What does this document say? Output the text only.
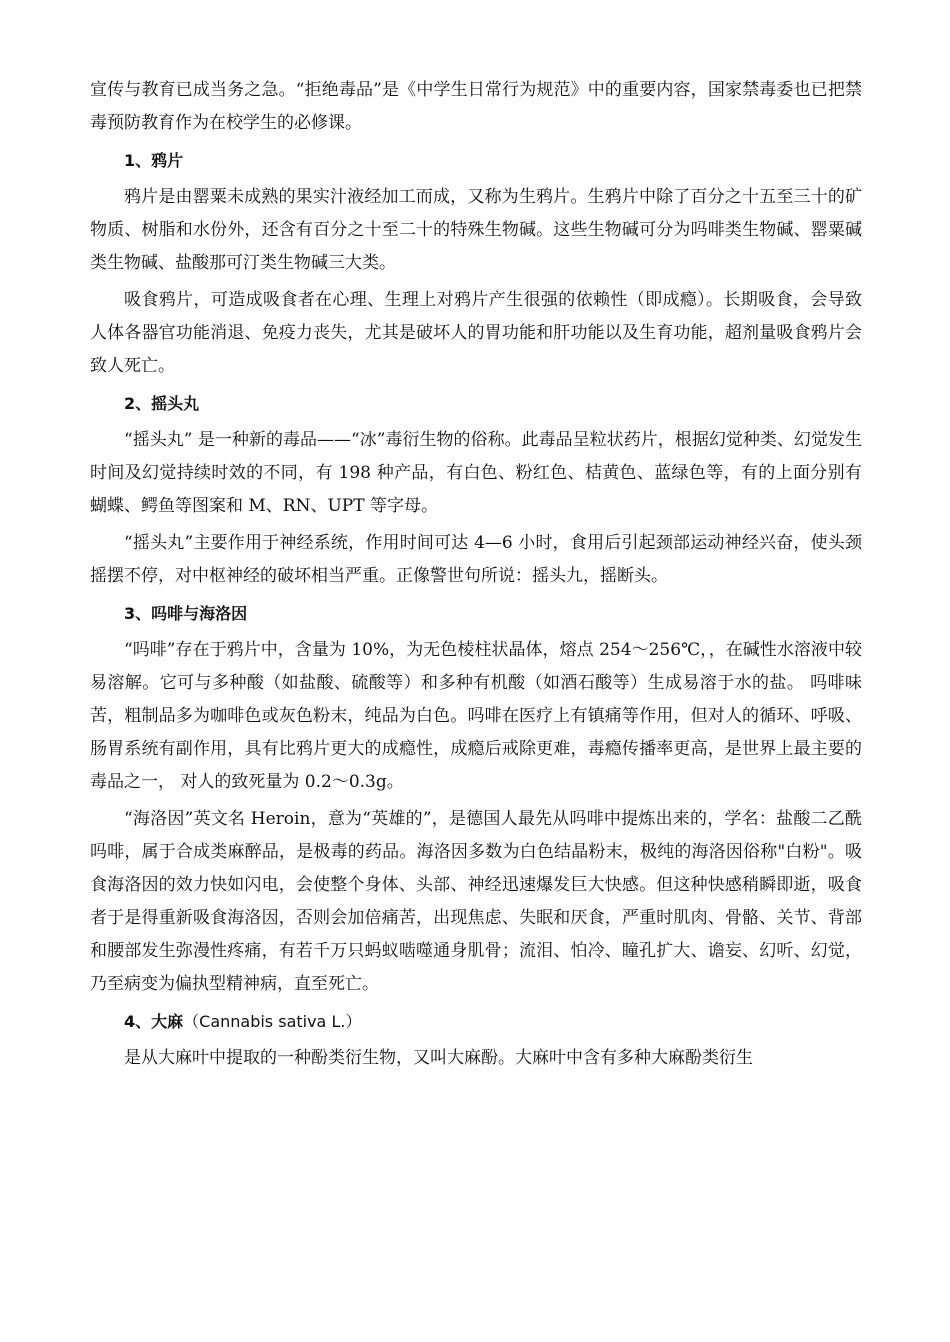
宣传与教育已成当务之急。“拒绝毒品”是《中学生日常行为规范》中的重要内容，国家禁毒委也已把禁毒预防教育作为在校学生的必修课。

1、鸦片

鸦片是由罂粟未成熟的果实汁液经加工而成，又称为生鸦片。生鸦片中除了百分之十五至三十的矿物质、树脂和水份外，还含有百分之十至二十的特殊生物碱。这些生物碱可分为吗啡类生物碱、罂粟碱类生物碱、盐酸那可汀类生物碱三大类。

吸食鸦片，可造成吸食者在心理、生理上对鸦片产生很强的依赖性（即成瘾）。长期吸食，会导致人体各器官功能消退、免疫力丧失，尤其是破坏人的胃功能和肝功能以及生育功能，超剂量吸食鸦片会致人死亡。

2、摇头丸

“摇头丸” 是一种新的毒品——“冰”毒衍生物的俗称。此毒品呈粒状药片，根据幻觉种类、幻觉发生时间及幻觉持续时效的不同，有 198 种产品，有白色、粉红色、桔黄色、蓝绿色等，有的上面分别有蝴蝶、鳄鱼等图案和 M、RN、UPT 等字母。

“摇头丸”主要作用于神经系统，作用时间可达 4—6 小时，食用后引起颈部运动神经兴奋，使头颈摇摆不停，对中枢神经的破坏相当严重。正像警世句所说：摇头九，摇断头。

3、吗啡与海洛因

“吗啡”存在于鸦片中，含量为 10%，为无色棱柱状晶体，熔点 254～256℃，，在碱性水溶液中较易溶解。它可与多种酸（如盐酸、硫酸等）和多种有机酸（如酒石酸等）生成易溶于水的盐。 吗啡味苦，粗制品多为咖啡色或灰色粉末，纯品为白色。吗啡在医疗上有镇痛等作用，但对人的循环、呼吸、肠胃系统有副作用，具有比鸦片更大的成瘾性，成瘾后戒除更难，毒瘾传播率更高，是世界上最主要的毒品之一， 对人的致死量为 0.2～0.3g。

“海洛因”英文名 Heroin，意为“英雄的”，是德国人最先从吗啡中提炼出来的，学名：盐酸二乙酰吗啡，属于合成类麻醉品，是极毒的药品。海洛因多数为白色结晶粉末，极纯的海洛因俗称"白粉"。吸食海洛因的效力快如闪电，会使整个身体、头部、神经迅速爆发巨大快感。但这种快感稍瞬即逝，吸食者于是得重新吸食海洛因，否则会加倍痛苦，出现焦虑、失眠和厌食，严重时肌肉、骨骼、关节、背部和腰部发生弥漫性疼痛，有若千万只蚂蚁啮噬通身肌骨；流泪、怕冷、瞳孔扩大、谵妄、幻听、幻觉，乃至病变为偏执型精神病，直至死亡。

4、大麻（Cannabis sativa L.）

是从大麻叶中提取的一种酚类衍生物，又叫大麻酚。大麻叶中含有多种大麻酚类衍生
